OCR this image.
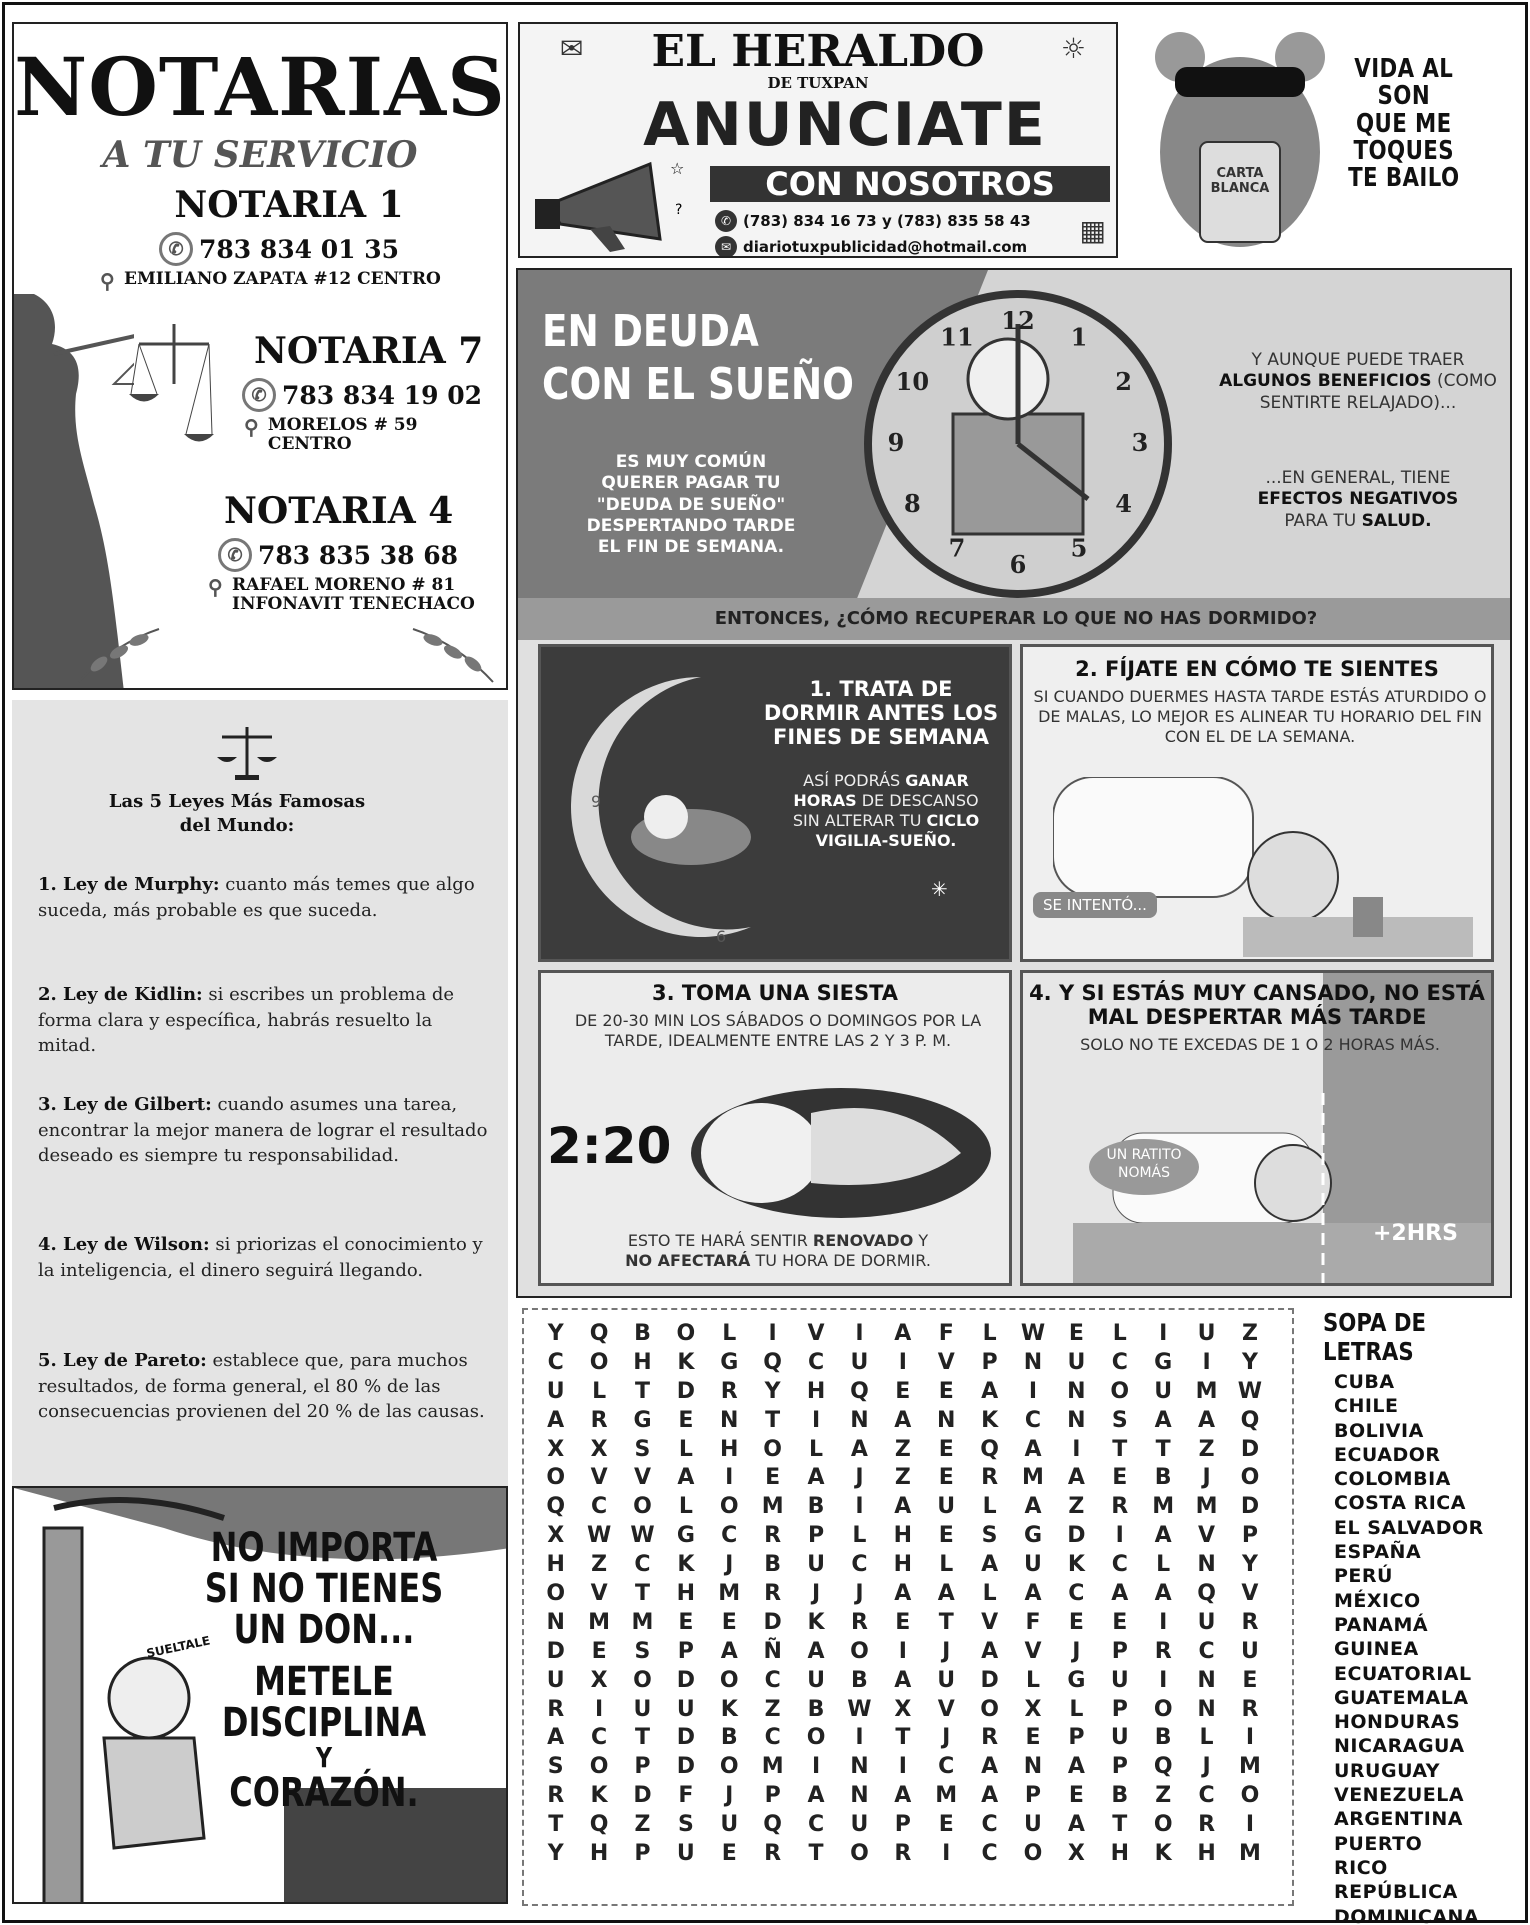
NOTARIAS
A TU SERVICIO
NOTARIA 1
✆ 783 834 01 35
⚲ EMILIANO ZAPATA #12 CENTRO
NOTARIA 7
✆ 783 834 19 02
⚲ MORELOS # 59 CENTRO
NOTARIA 4
✆ 783 835 38 68
⚲ RAFAEL MORENO # 81
INFONAVIT TENECHACO
✉	☼
EL HERALDO
DE TUXPAN
ANUNCIATE
CON NOSOTROS
☆
?
✆ (783) 834 16 73 y (783) 835 58 43
✉ diariotuxpublicidad@hotmail.com ▦
CARTA
BLANCA
VIDA AL SON
QUE ME TOQUES
TE BAILO
EN DEUDA
CON EL SUEÑO
ES MUY COMÚN QUERER PAGAR TU "DEUDA DE SUEÑO" DESPERTANDO TARDE EL FIN DE SEMANA.
12
1
2
3
4
5
6
7
8
9
10
11
Y AUNQUE PUEDE TRAER
ALGUNOS BENEFICIOS (COMO SENTIRTE RELAJADO)...
...EN GENERAL, TIENE
EFECTOS NEGATIVOS
PARA TU SALUD.
ENTONCES, ¿CÓMO RECUPERAR LO QUE NO HAS DORMIDO?
9
6
1. TRATA DE DORMIR ANTES LOS FINES DE SEMANA
ASÍ PODRÁS GANAR HORAS DE DESCANSO SIN ALTERAR TU CICLO VIGILIA-SUEÑO.
✳
2. FÍJATE EN CÓMO TE SIENTES
SI CUANDO DUERMES HASTA TARDE ESTÁS ATURDIDO O DE MALAS, LO MEJOR ES ALINEAR TU HORARIO DEL FIN CON EL DE LA SEMANA.
SE INTENTÓ...
3. TOMA UNA SIESTA
DE 20-30 MIN LOS SÁBADOS O DOMINGOS POR LA TARDE, IDEALMENTE ENTRE LAS 2 Y 3 P. M.
2:20
ESTO TE HARÁ SENTIR RENOVADO Y
NO AFECTARÁ TU HORA DE DORMIR.
4. Y SI ESTÁS MUY CANSADO, NO ESTÁ MAL DESPERTAR MÁS TARDE
SOLO NO TE EXCEDAS DE 1 O 2 HORAS MÁS.
UN RATITO NOMÁS
+2HRS
Las 5 Leyes Más Famosas
del Mundo:
1. Ley de Murphy: cuanto más temes que algo suceda, más probable es que suceda.
2. Ley de Kidlin: si escribes un problema de forma clara y específica, habrás resuelto la mitad.
3. Ley de Gilbert: cuando asumes una tarea, encontrar la mejor manera de lograr el resultado deseado es siempre tu responsabilidad.
4. Ley de Wilson: si priorizas el conocimiento y la inteligencia, el dinero seguirá llegando.
5. Ley de Pareto: establece que, para muchos resultados, de forma general, el 80 % de las consecuencias provienen del 20 % de las causas.
NO IMPORTA
SI NO TIENES
UN DON...
METELE
DISCIPLINA
Y
CORAZÓN.
SUELTALE
Y	Q	B	O	L	I	V	I	A	F	L	W	E	L	I	U	Z
C	O	H	K	G	Q	C	U	I	V	P	N	U	C	G	I	Y
U	L	T	D	R	Y	H	Q	E	E	A	I	N	O	U	M W
A	R	G	E	N	T	I	N	A	N	K	C	N	S	A	A	Q
X	X	S	L	H	O	L	A	Z	E	Q	A	I	T	T	Z	D
O	V	V	A	I	E	A	J	Z	E	R	M	A	E	B	J	O
Q	C	O	L	O	M	B	I	A	U	L	A	Z	R	M M	D
X	W W	G	C	R	P	L	H	E	S	G	D	I	A	V	P
H	Z	C	K	J	B	U	C	H	L	A	U	K	C	L	N	Y
O	V	T	H	M	R	J	J	A	A	L	A	C	A	A	Q	V
N	M M	E	E	D	K	R	E	T	V	F	E	E	I	U	R
D	E	S	P	A	Ñ	A	O	I	J	A	V	J	P	R	C	U
U	X	O	D	O	C	U	B	A	U	D	L	G	U	I	N	E
R	I	U	U	K	Z	B	W	X	V	O	X	L	P	O	N	R
A	C	T	D	B	C	O	I	T	J	R	E	P	U	B	L	I
S	O	P	D	O	M	I	N	I	C	A	N	A	P	Q	J	M
R	K	D	F	J	P	A	N	A	M	A	P	E	B	Z	C	O
T	Q	Z	S	U	Q	C	U	P	E	C	U	A	T	O	R	I
Y	H	P	U	E	R	T	O	R	I	C	O	X	H	K	H	M
SOPA DE LETRAS
CUBA
CHILE
BOLIVIA
ECUADOR
COLOMBIA
COSTA RICA
EL SALVADOR
ESPAÑA
PERÚ
MÉXICO
PANAMÁ
GUINEA
ECUATORIAL
GUATEMALA
HONDURAS
NICARAGUA
URUGUAY
VENEZUELA
ARGENTINA
PUERTO
RICO
REPÚBLICA
DOMINICANA
